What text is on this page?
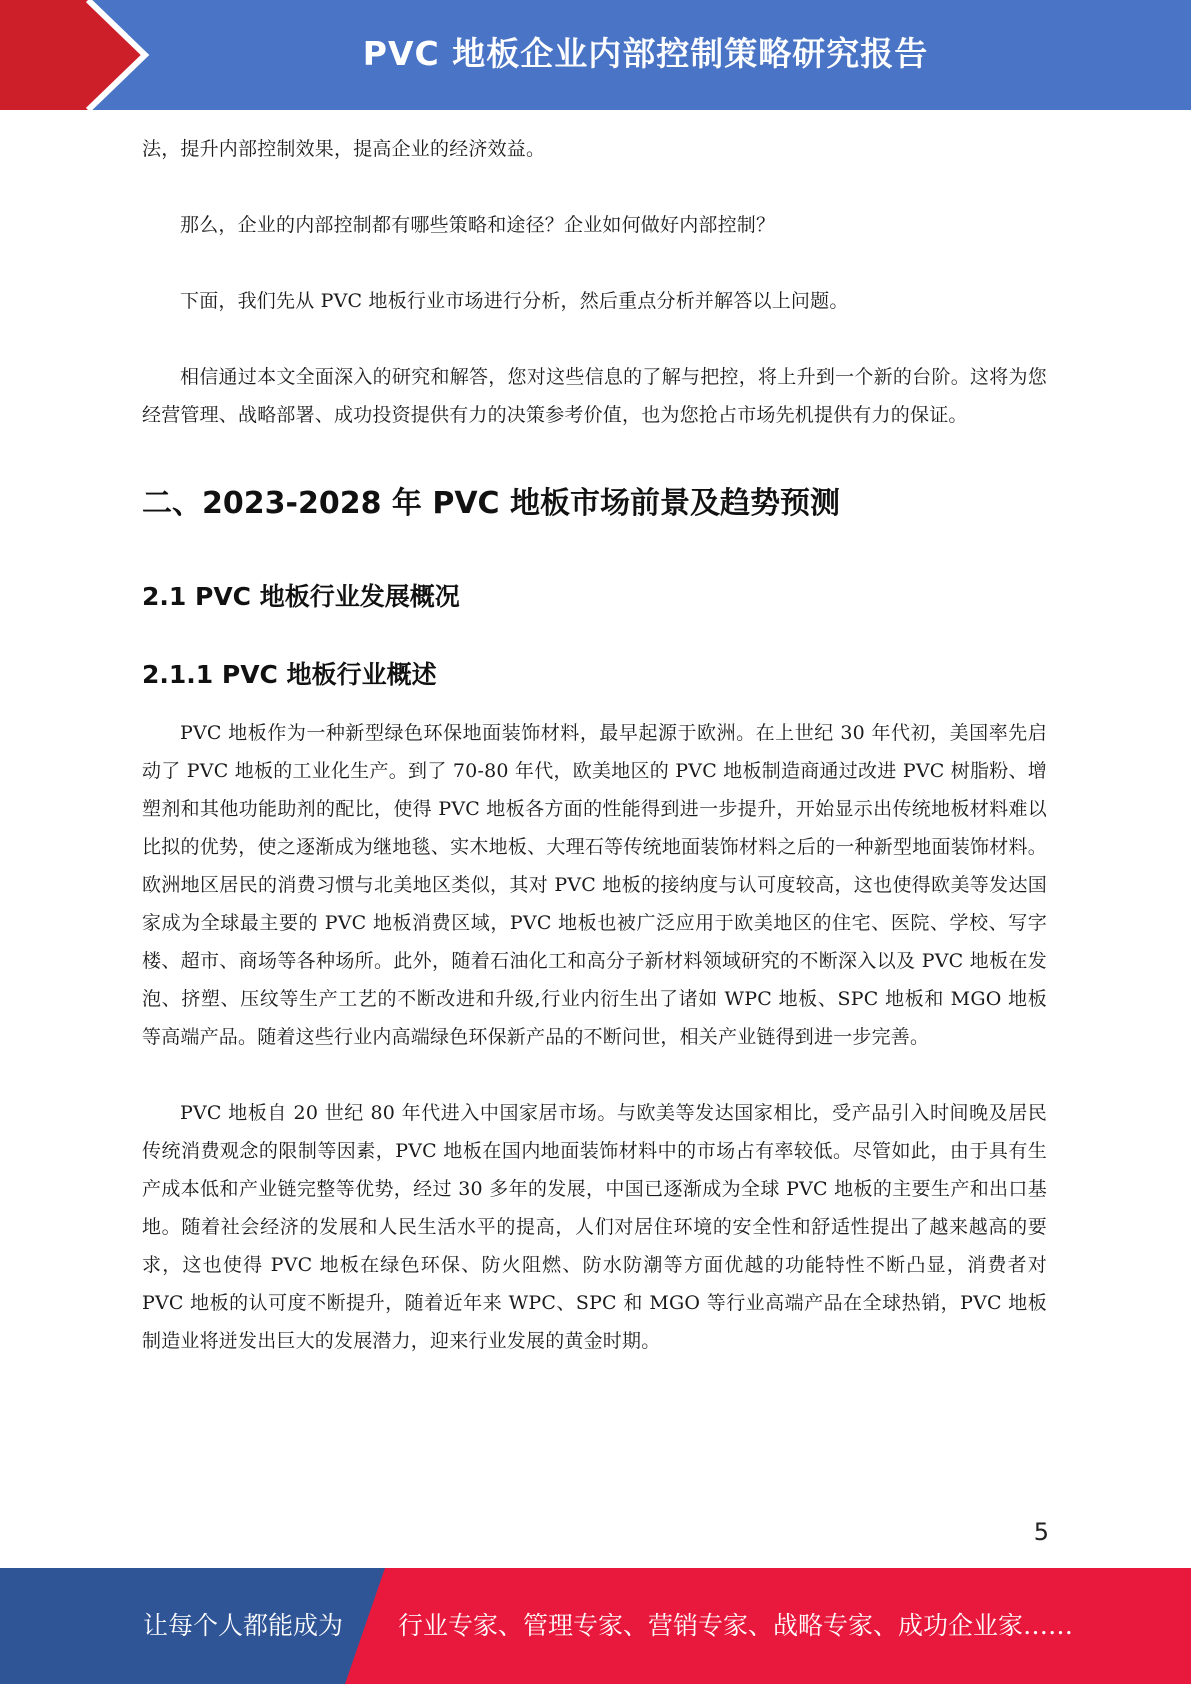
PVC 地板企业内部控制策略研究报告

法，提升内部控制效果，提高企业的经济效益。

那么，企业的内部控制都有哪些策略和途径？企业如何做好内部控制？

下面，我们先从 PVC 地板行业市场进行分析，然后重点分析并解答以上问题。

相信通过本文全面深入的研究和解答，您对这些信息的了解与把控，将上升到一个新的台阶。这将为您经营管理、战略部署、成功投资提供有力的决策参考价值，也为您抢占市场先机提供有力的保证。

二、2023-2028 年 PVC 地板市场前景及趋势预测
2.1 PVC 地板行业发展概况
2.1.1 PVC 地板行业概述

PVC 地板作为一种新型绿色环保地面装饰材料，最早起源于欧洲。在上世纪 30 年代初，美国率先启动了 PVC 地板的工业化生产。到了 70-80 年代，欧美地区的 PVC 地板制造商通过改进 PVC 树脂粉、增塑剂和其他功能助剂的配比，使得 PVC 地板各方面的性能得到进一步提升，开始显示出传统地板材料难以比拟的优势，使之逐渐成为继地毯、实木地板、大理石等传统地面装饰材料之后的一种新型地面装饰材料。欧洲地区居民的消费习惯与北美地区类似，其对 PVC 地板的接纳度与认可度较高，这也使得欧美等发达国家成为全球最主要的 PVC 地板消费区域，PVC 地板也被广泛应用于欧美地区的住宅、医院、学校、写字楼、超市、商场等各种场所。此外，随着石油化工和高分子新材料领域研究的不断深入以及 PVC 地板在发泡、挤塑、压纹等生产工艺的不断改进和升级,行业内衍生出了诸如 WPC 地板、SPC 地板和 MGO 地板等高端产品。随着这些行业内高端绿色环保新产品的不断问世，相关产业链得到进一步完善。

PVC 地板自 20 世纪 80 年代进入中国家居市场。与欧美等发达国家相比，受产品引入时间晚及居民传统消费观念的限制等因素，PVC 地板在国内地面装饰材料中的市场占有率较低。尽管如此，由于具有生产成本低和产业链完整等优势，经过 30 多年的发展，中国已逐渐成为全球 PVC 地板的主要生产和出口基地。随着社会经济的发展和人民生活水平的提高，人们对居住环境的安全性和舒适性提出了越来越高的要求，这也使得 PVC 地板在绿色环保、防火阻燃、防水防潮等方面优越的功能特性不断凸显，消费者对 PVC 地板的认可度不断提升，随着近年来 WPC、SPC 和 MGO 等行业高端产品在全球热销，PVC 地板制造业将迸发出巨大的发展潜力，迎来行业发展的黄金时期。

5
让每个人都能成为 行业专家、管理专家、营销专家、战略专家、成功企业家……
